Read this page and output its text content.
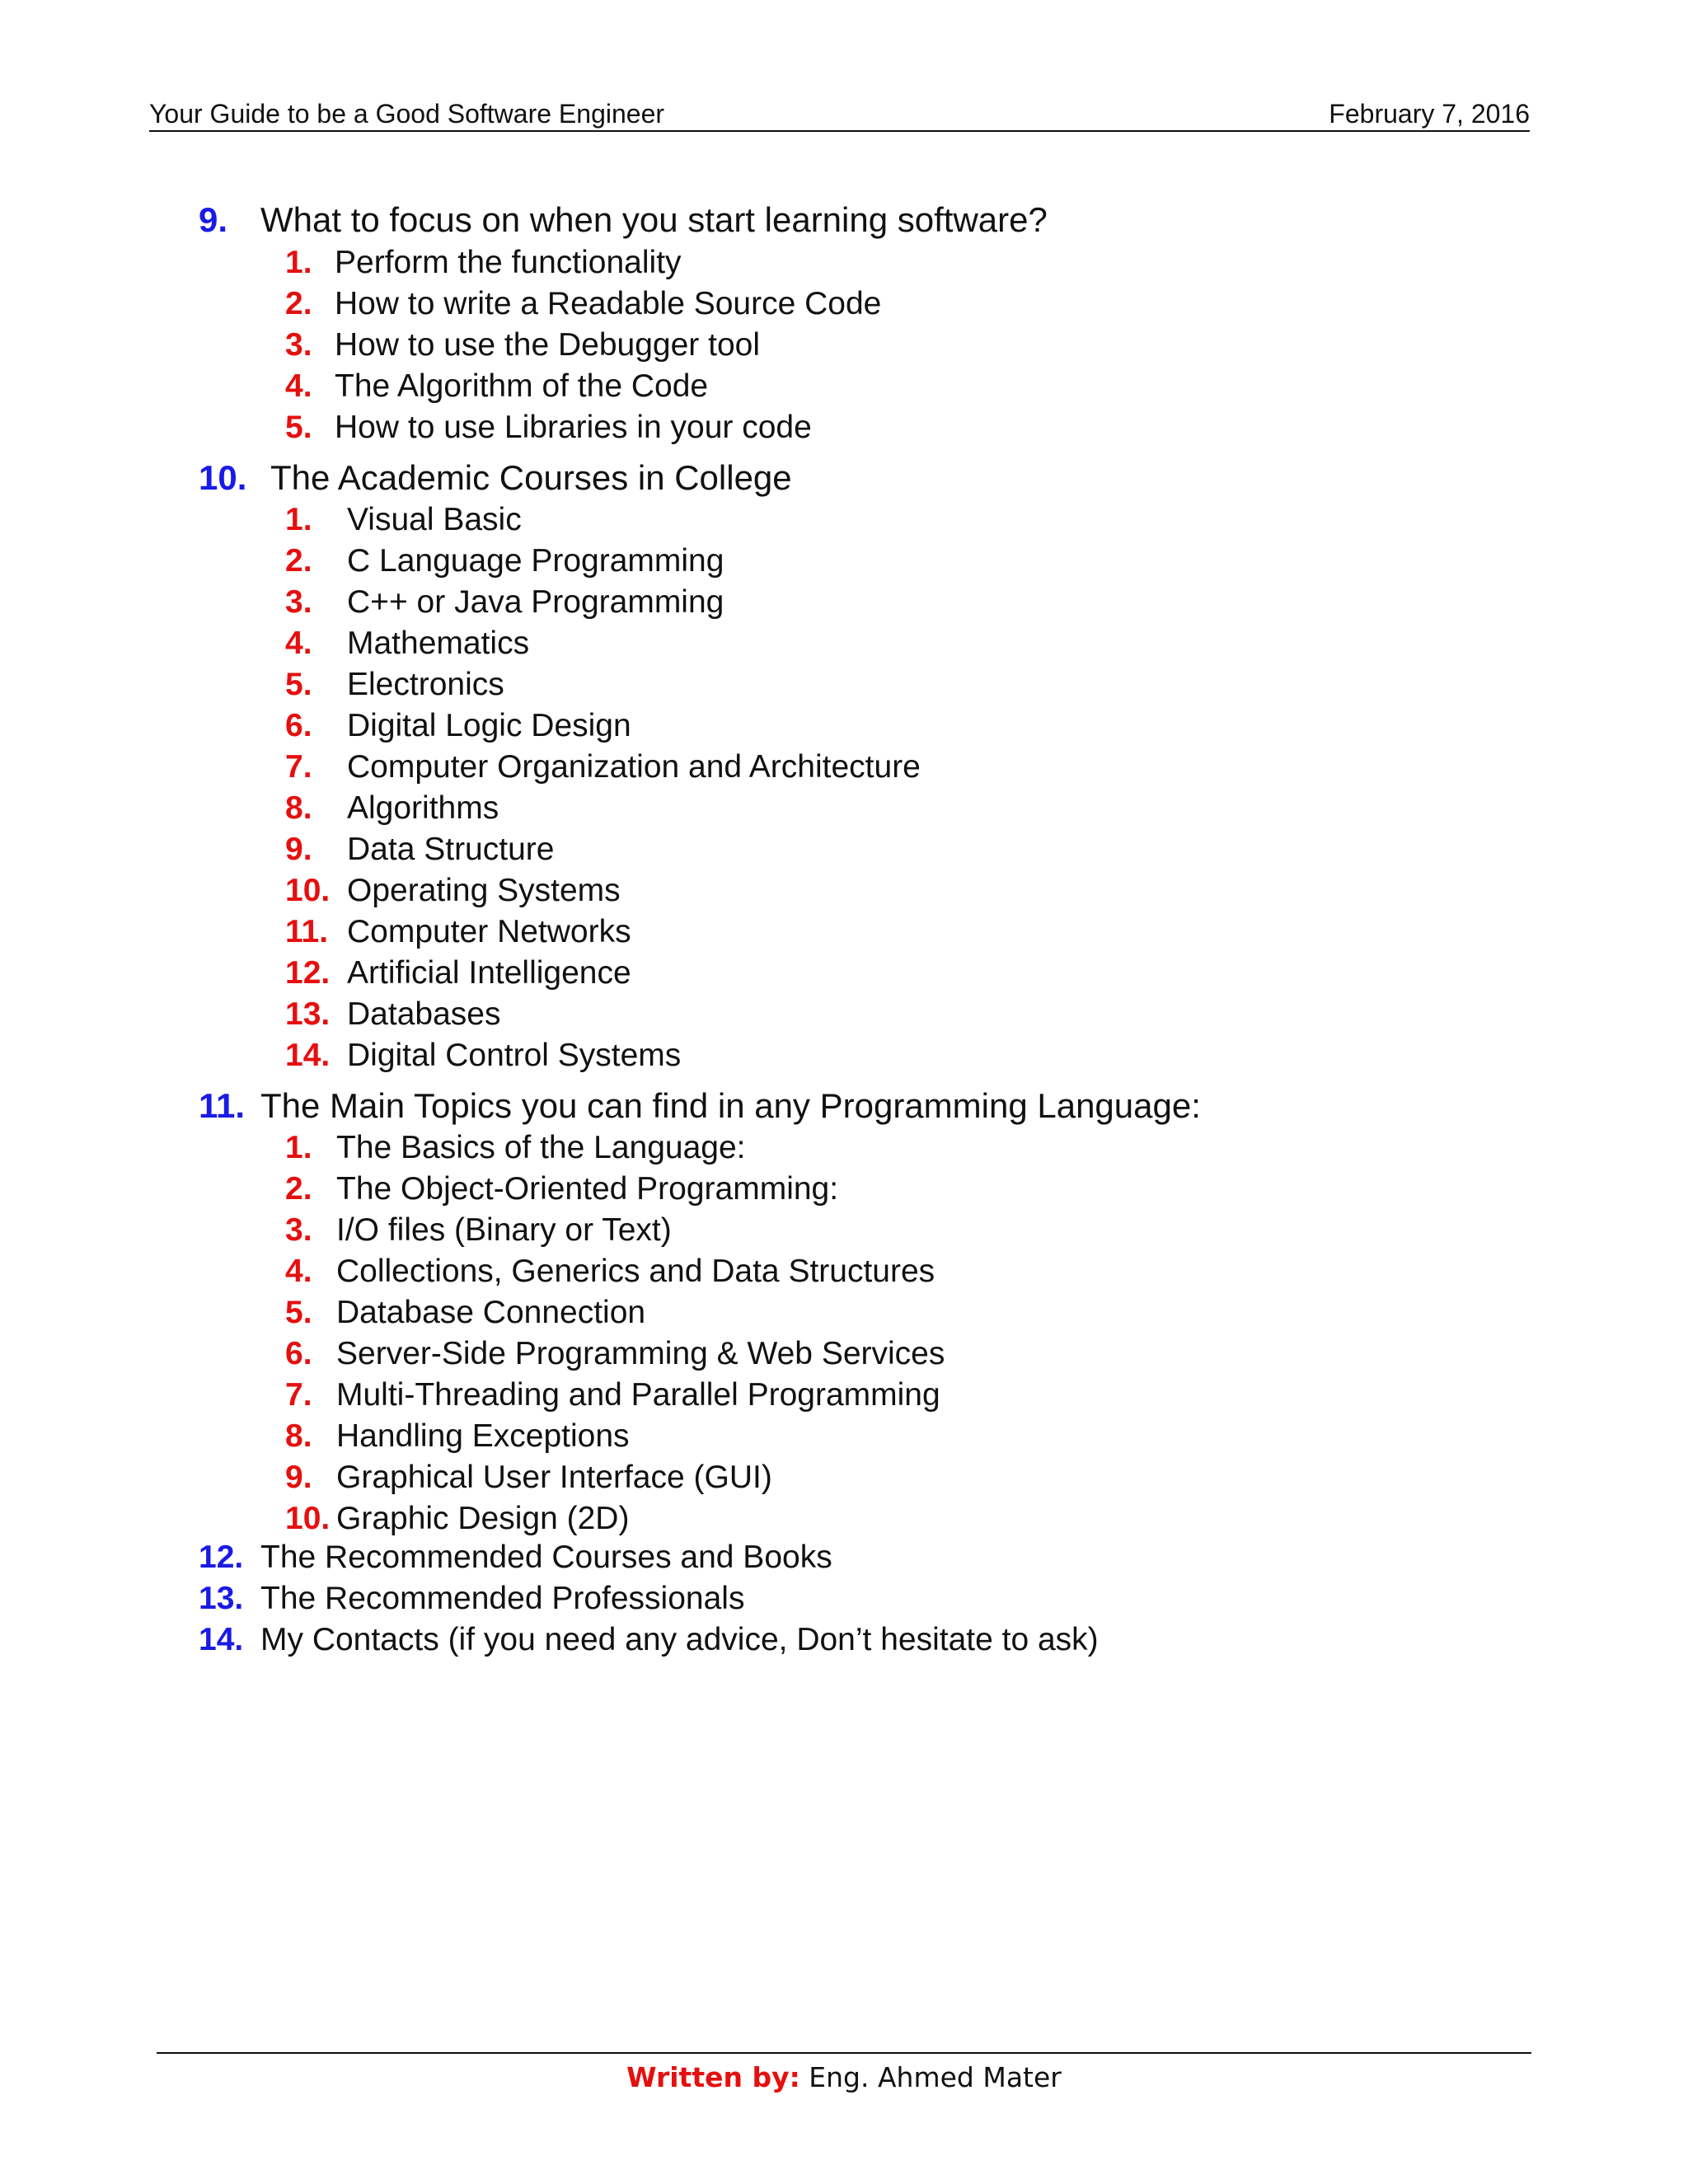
Your Guide to be a Good Software Engineer	February 7, 2016
9. What to focus on when you start learning software?
1. Perform the functionality
2. How to write a Readable Source Code
3. How to use the Debugger tool
4. The Algorithm of the Code
5. How to use Libraries in your code
10. The Academic Courses in College
1. Visual Basic
2. C Language Programming
3. C++ or Java Programming
4. Mathematics
5. Electronics
6. Digital Logic Design
7. Computer Organization and Architecture
8. Algorithms
9. Data Structure
10. Operating Systems
11. Computer Networks
12. Artificial Intelligence
13. Databases
14. Digital Control Systems
11. The Main Topics you can find in any Programming Language:
1. The Basics of the Language:
2. The Object-Oriented Programming:
3. I/O files (Binary or Text)
4. Collections, Generics and Data Structures
5. Database Connection
6. Server-Side Programming & Web Services
7. Multi-Threading and Parallel Programming
8. Handling Exceptions
9. Graphical User Interface (GUI)
10. Graphic Design (2D)
12. The Recommended Courses and Books
13. The Recommended Professionals
14. My Contacts (if you need any advice, Don’t hesitate to ask)
Written by: Eng. Ahmed Mater
